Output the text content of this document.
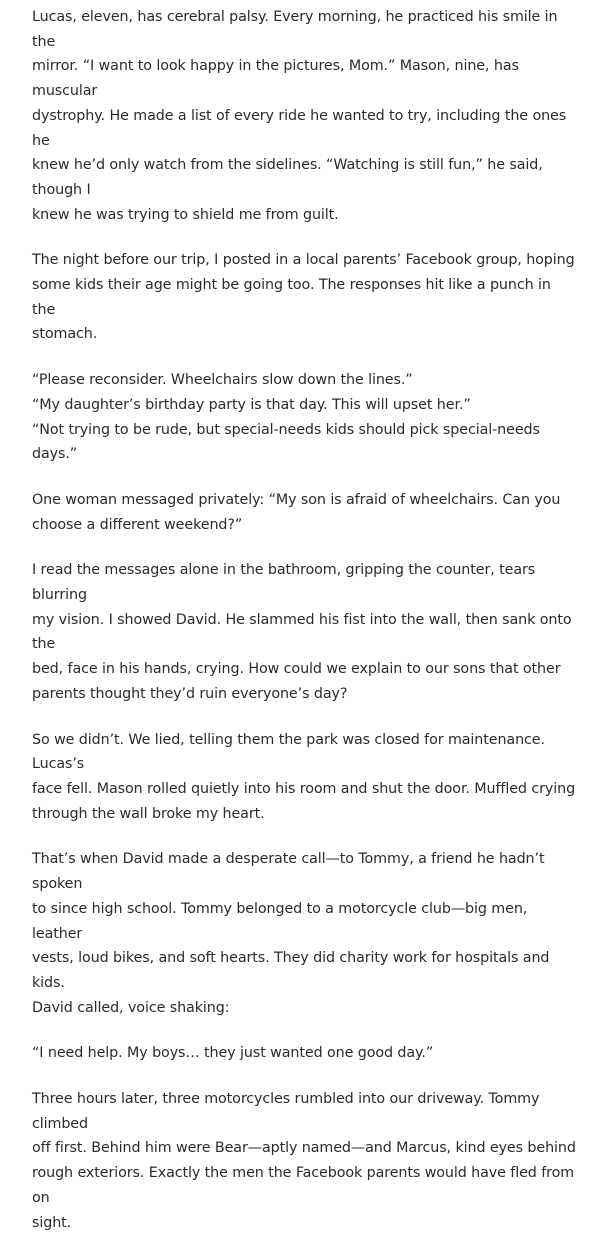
Lucas, eleven, has cerebral palsy. Every morning, he practiced his smile in the
mirror. “I want to look happy in the pictures, Mom.” Mason, nine, has muscular
dystrophy. He made a list of every ride he wanted to try, including the ones he
knew he’d only watch from the sidelines. “Watching is still fun,” he said, though I
knew he was trying to shield me from guilt.

The night before our trip, I posted in a local parents’ Facebook group, hoping
some kids their age might be going too. The responses hit like a punch in the
stomach.

“Please reconsider. Wheelchairs slow down the lines.”
“My daughter’s birthday party is that day. This will upset her.”
“Not trying to be rude, but special-needs kids should pick special-needs days.”

One woman messaged privately: “My son is afraid of wheelchairs. Can you
choose a different weekend?”

I read the messages alone in the bathroom, gripping the counter, tears blurring
my vision. I showed David. He slammed his fist into the wall, then sank onto the
bed, face in his hands, crying. How could we explain to our sons that other
parents thought they’d ruin everyone’s day?

So we didn’t. We lied, telling them the park was closed for maintenance. Lucas’s
face fell. Mason rolled quietly into his room and shut the door. Muffled crying
through the wall broke my heart.

That’s when David made a desperate call—to Tommy, a friend he hadn’t spoken
to since high school. Tommy belonged to a motorcycle club—big men, leather
vests, loud bikes, and soft hearts. They did charity work for hospitals and kids.
David called, voice shaking:

“I need help. My boys… they just wanted one good day.”

Three hours later, three motorcycles rumbled into our driveway. Tommy climbed
off first. Behind him were Bear—aptly named—and Marcus, kind eyes behind
rough exteriors. Exactly the men the Facebook parents would have fled from on
sight.
